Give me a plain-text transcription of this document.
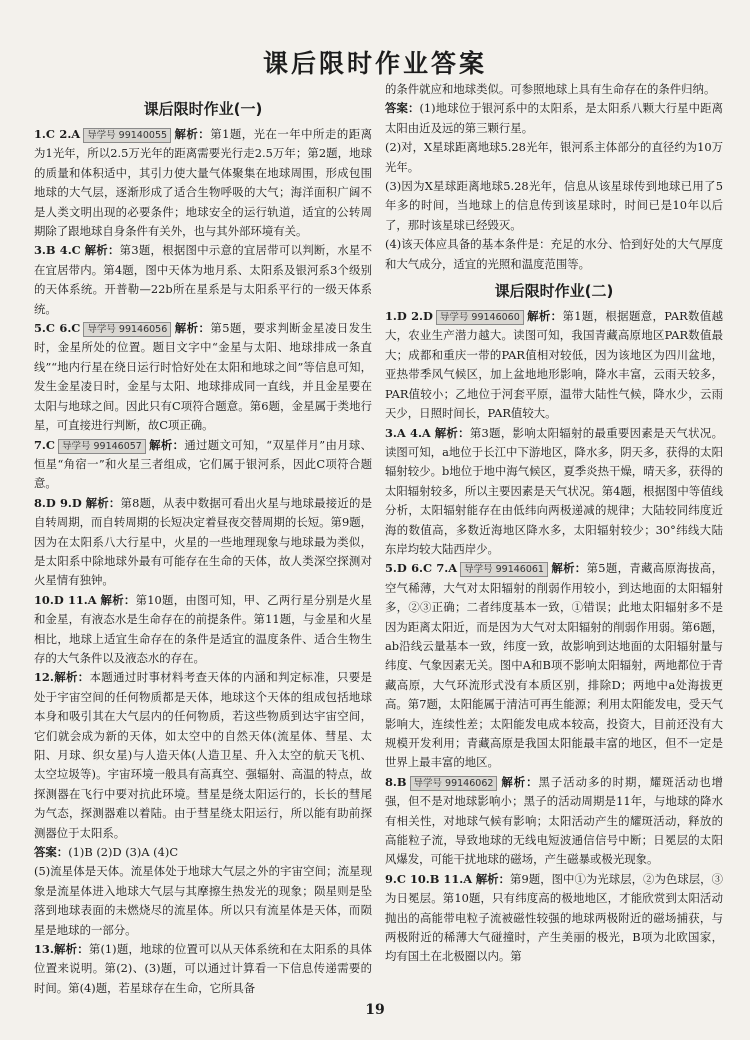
课后限时作业答案
课后限时作业(一)

1.C 2.A 导学号 99140055 解析：第1题，光在一年中所走的距离为1光年，所以2.5万光年的距离需要光行走2.5万年；第2题，地球的质量和体积适中，其引力使大量气体聚集在地球周围，形成包围地球的大气层，逐渐形成了适合生物呼吸的大气；海洋面积广阔不是人类文明出现的必要条件；地球安全的运行轨道，适宜的公转周期除了跟地球自身条件有关外，也与其外部环境有关。

3.B 4.C 解析：第3题，根据图中示意的宜居带可以判断，水星不在宜居带内。第4题，图中天体为地月系、太阳系及银河系3个级别的天体系统。开普勒—22b所在星系是与太阳系平行的一级天体系统。

5.C 6.C 导学号 99146056 解析：第5题，要求判断金星凌日发生时，金星所处的位置。题目文字中“金星与太阳、地球排成一条直线”“地内行星在绕日运行时恰好处在太阳和地球之间”等信息可知，发生金星凌日时，金星与太阳、地球排成同一直线，并且金星要在太阳与地球之间。因此只有C项符合题意。第6题，金星属于类地行星，可直接进行判断，故C项正确。

7.C 导学号 99146057 解析：通过题文可知，“双星伴月”由月球、恒星“角宿一”和火星三者组成，它们属于银河系，因此C项符合题意。

8.D 9.D 解析：第8题，从表中数据可看出火星与地球最接近的是自转周期，而自转周期的长短决定着昼夜交替周期的长短。第9题，因为在太阳系八大行星中，火星的一些地理现象与地球最为类似，是太阳系中除地球外最有可能存在生命的天体，故人类深空探测对火星情有独钟。

10.D 11.A 解析：第10题，由图可知，甲、乙两行星分别是火星和金星，有液态水是生命存在的前提条件。第11题，与金星和火星相比，地球上适宜生命存在的条件是适宜的温度条件、适合生物生存的大气条件以及液态水的存在。

12.解析：本题通过时事材料考查天体的内涵和判定标准，只要是处于宇宙空间的任何物质都是天体，地球这个天体的组成包括地球本身和吸引其在大气层内的任何物质，若这些物质到达宇宙空间，它们就会成为新的天体，如太空中的自然天体(流星体、彗星、太阳、月球、织女星)与人造天体(人造卫星、升入太空的航天飞机、太空垃圾等)。宇宙环境一般具有高真空、强辐射、高温的特点，故探测器在飞行中要对抗此环境。彗星是绕太阳运行的，长长的彗尾为气态，探测器难以着陆。由于彗星绕太阳运行，所以能有助前探测器位于太阳系。

答案：(1)B (2)D (3)A (4)C

(5)流星体是天体。流星体处于地球大气层之外的宇宙空间；流星现象是流星体进入地球大气层与其摩擦生热发光的现象；陨星则是坠落到地球表面的未燃烧尽的流星体。所以只有流星体是天体，而陨星是地球的一部分。

13.解析：第(1)题，地球的位置可以从天体系统和在太阳系的具体位置来说明。第(2)、(3)题，可以通过计算看一下信息传递需要的时间。第(4)题，若星球存在生命，它所具备

的条件就应和地球类似。可参照地球上具有生命存在的条件归纳。

答案：(1)地球位于银河系中的太阳系，是太阳系八颗大行星中距离太阳由近及远的第三颗行星。

(2)对，X星球距离地球5.28光年，银河系主体部分的直径约为10万光年。

(3)因为X星球距离地球5.28光年，信息从该星球传到地球已用了5年多的时间，当地球上的信息传到该星球时，时间已是10年以后了，那时该星球已经毁灭。

(4)该天体应具备的基本条件是：充足的水分、恰到好处的大气厚度和大气成分，适宜的光照和温度范围等。

课后限时作业(二)

1.D 2.D 导学号 99146060 解析：第1题，根据题意，PAR数值越大，农业生产潜力越大。读图可知，我国青藏高原地区PAR数值最大；成都和重庆一带的PAR值相对较低，因为该地区为四川盆地，亚热带季风气候区，加上盆地地形影响，降水丰富，云雨天较多，PAR值较小；乙地位于河套平原，温带大陆性气候，降水少，云雨天少，日照时间长，PAR值较大。

3.A 4.A 解析：第3题，影响太阳辐射的最重要因素是天气状况。读图可知，a地位于长江中下游地区，降水多，阴天多，获得的太阳辐射较少。b地位于地中海气候区，夏季炎热干燥，晴天多，获得的太阳辐射较多，所以主要因素是天气状况。第4题，根据图中等值线分析，太阳辐射能存在由低纬向两极递减的规律；大陆较同纬度近海的数值高，多数近海地区降水多，太阳辐射较少；30°纬线大陆东岸均较大陆西岸少。

5.D 6.C 7.A 导学号 99146061 解析：第5题，青藏高原海拔高，空气稀薄，大气对太阳辐射的削弱作用较小，到达地面的太阳辐射多，②③正确；二者纬度基本一致，①错误；此地太阳辐射多不是因为距离太阳近，而是因为大气对太阳辐射的削弱作用弱。第6题，ab沿线云量基本一致，纬度一致，故影响到达地面的太阳辐射量与纬度、气象因素无关。图中A和B项不影响太阳辐射，两地都位于青藏高原，大气环流形式没有本质区别，排除D；两地中a处海拔更高。第7题，太阳能属于清洁可再生能源；利用太阳能发电，受天气影响大，连续性差；太阳能发电成本较高，投资大，目前还没有大规模开发利用；青藏高原是我国太阳能最丰富的地区，但不一定是世界上最丰富的地区。

8.B 导学号 99146062 解析：黑子活动多的时期，耀斑活动也增强，但不是对地球影响小；黑子的活动周期是11年，与地球的降水有相关性，对地球气候有影响；太阳活动产生的耀斑活动，释放的高能粒子流，导致地球的无线电短波通信信号中断；日冕层的太阳风爆发，可能干扰地球的磁场，产生磁暴或极光现象。

9.C 10.B 11.A 解析：第9题，图中①为光球层，②为色球层，③为日冕层。第10题，只有纬度高的极地地区，才能欣赏到太阳活动抛出的高能带电粒子流被磁性较强的地球两极附近的磁场捕获，与两极附近的稀薄大气碰撞时，产生美丽的极光，B项为北欧国家，均有国土在北极圈以内。第

19
